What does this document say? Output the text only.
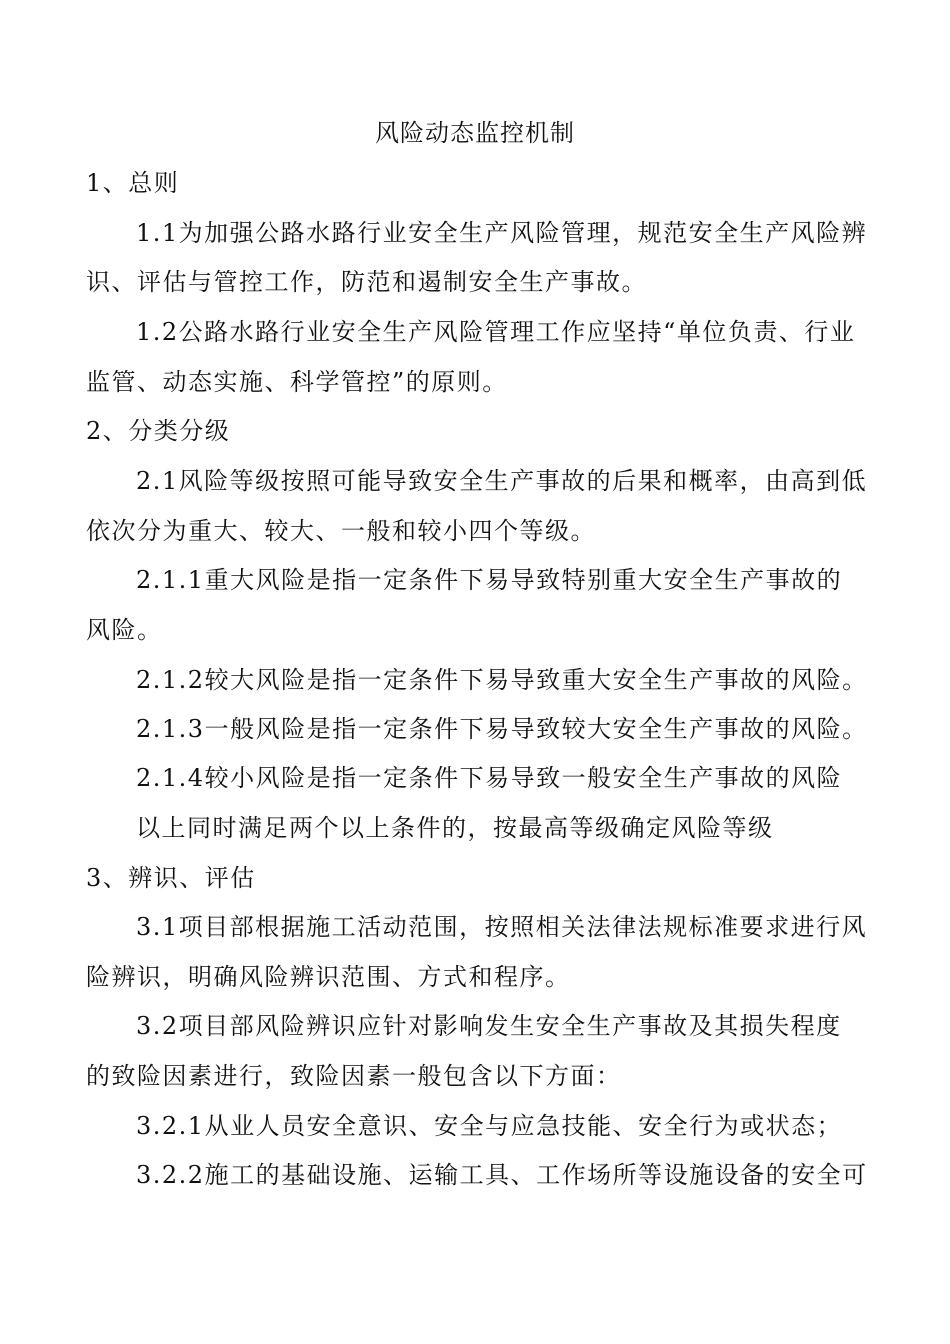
风险动态监控机制
1、总则
1.1为加强公路水路行业安全生产风险管理，规范安全生产风险辨
识、评估与管控工作，防范和遏制安全生产事故。
1.2公路水路行业安全生产风险管理工作应坚持“单位负责、行业
监管、动态实施、科学管控”的原则。
2、分类分级
2.1风险等级按照可能导致安全生产事故的后果和概率，由高到低
依次分为重大、较大、一般和较小四个等级。
2.1.1重大风险是指一定条件下易导致特别重大安全生产事故的
风险。
2.1.2较大风险是指一定条件下易导致重大安全生产事故的风险。
2.1.3一般风险是指一定条件下易导致较大安全生产事故的风险。
2.1.4较小风险是指一定条件下易导致一般安全生产事故的风险
以上同时满足两个以上条件的，按最高等级确定风险等级
3、辨识、评估
3.1项目部根据施工活动范围，按照相关法律法规标准要求进行风
险辨识，明确风险辨识范围、方式和程序。
3.2项目部风险辨识应针对影响发生安全生产事故及其损失程度
的致险因素进行，致险因素一般包含以下方面：
3.2.1从业人员安全意识、安全与应急技能、安全行为或状态；
3.2.2施工的基础设施、运输工具、工作场所等设施设备的安全可
